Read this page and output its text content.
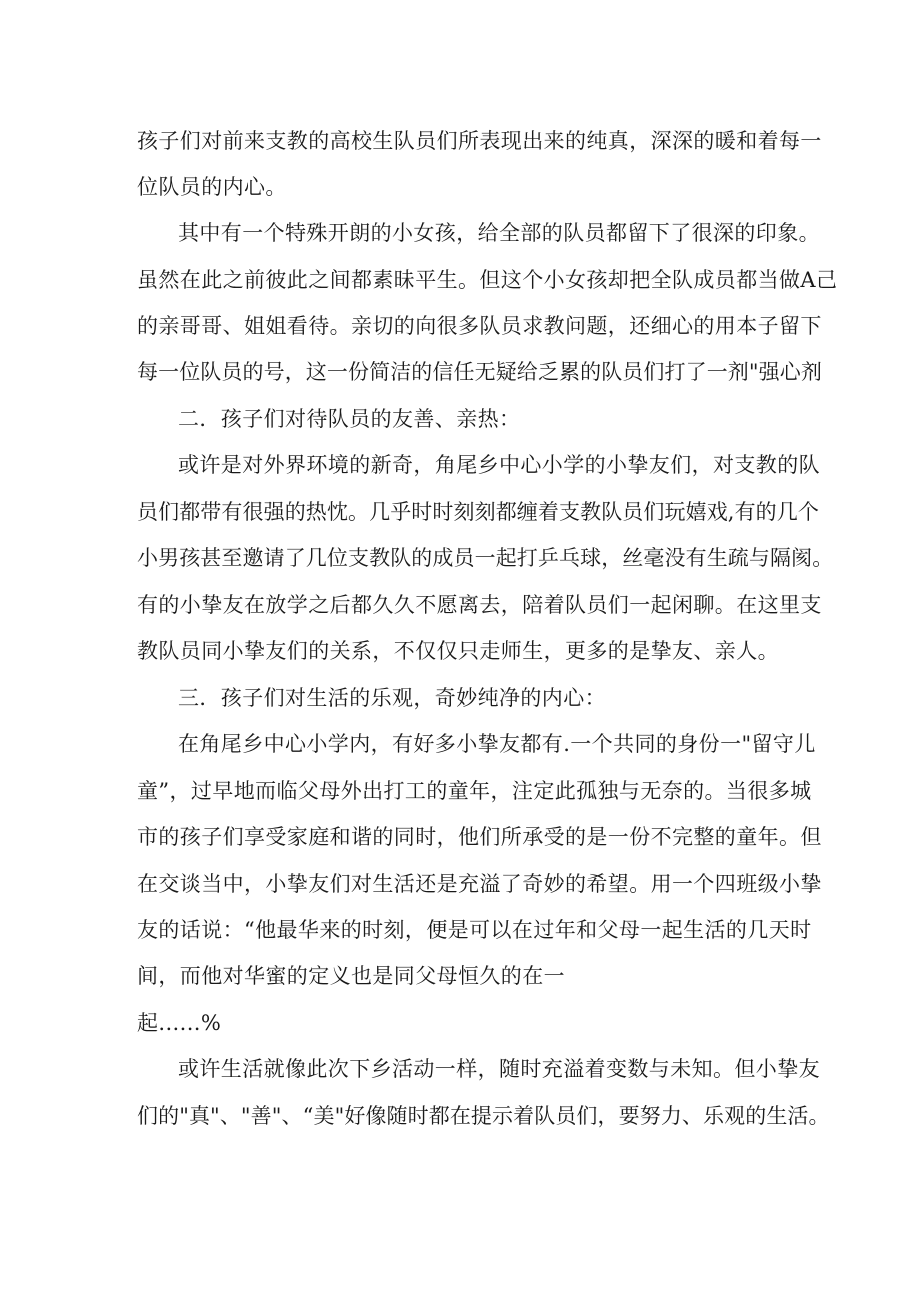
孩子们对前来支教的高校生队员们所表现出来的纯真，深深的暖和着每一
位队员的内心。
其中有一个特殊开朗的小女孩，给全部的队员都留下了很深的印象。
虽然在此之前彼此之间都素昧平生。但这个小女孩却把全队成员都当做A己
的亲哥哥、姐姐看待。亲切的向很多队员求教问题，还细心的用本子留下
每一位队员的号，这一份简洁的信任无疑给乏累的队员们打了一剂"强心剂
二．孩子们对待队员的友善、亲热：
或许是对外界环境的新奇，角尾乡中心小学的小挚友们，对支教的队
员们都带有很强的热忱。几乎时时刻刻都缠着支教队员们玩嬉戏,有的几个
小男孩甚至邀请了几位支教队的成员一起打乒乓球，丝毫没有生疏与隔阂。
有的小挚友在放学之后都久久不愿离去，陪着队员们一起闲聊。在这里支
教队员同小挚友们的关系，不仅仅只走师生，更多的是挚友、亲人。
三．孩子们对生活的乐观，奇妙纯净的内心：
在角尾乡中心小学内，有好多小挚友都有.一个共同的身份一"留守儿
童”，过早地而临父母外出打工的童年，注定此孤独与无奈的。当很多城
市的孩子们享受家庭和谐的同时，他们所承受的是一份不完整的童年。但
在交谈当中，小挚友们对生活还是充溢了奇妙的希望。用一个四班级小挚
友的话说：“他最华来的时刻，便是可以在过年和父母一起生活的几天时
间，而他对华蜜的定义也是同父母恒久的在一
起......%
或许生活就像此次下乡活动一样，随时充溢着变数与未知。但小挚友
们的"真"、"善"、“美"好像随时都在提示着队员们，要努力、乐观的生活。
